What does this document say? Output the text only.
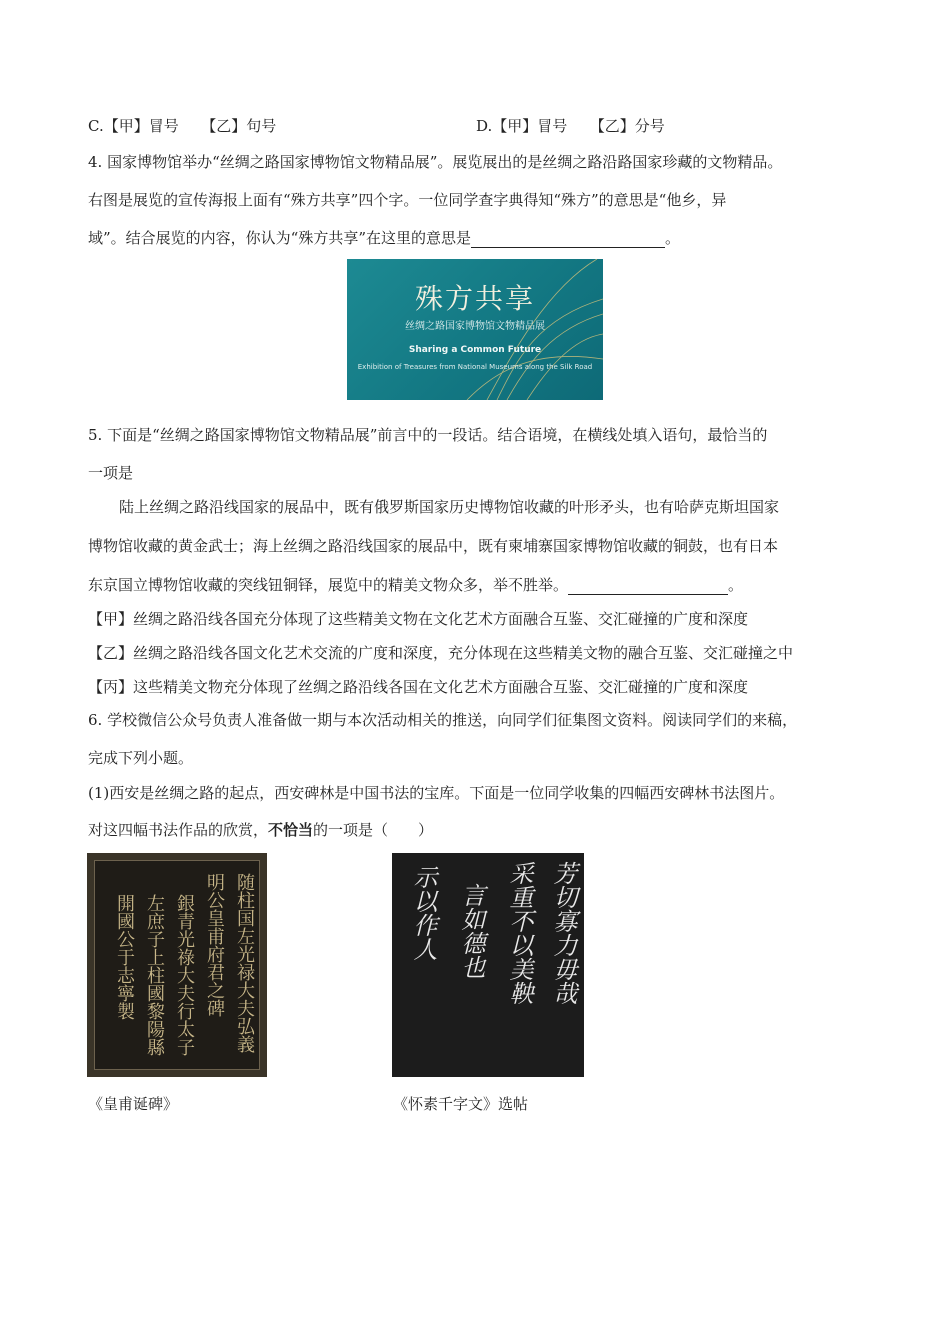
C.【甲】冒号　　【乙】句号	D.【甲】冒号　　【乙】分号
4. 国家博物馆举办“丝绸之路国家博物馆文物精品展”。展览展出的是丝绸之路沿路国家珍藏的文物精品。
右图是展览的宣传海报上面有“殊方共享”四个字。一位同学查字典得知“殊方”的意思是“他乡，异
域”。结合展览的内容，你认为“殊方共享”在这里的意思是	。
殊方共享
丝绸之路国家博物馆文物精品展
Sharing a Common Future
Exhibition of Treasures from National Museums along the Silk Road
5. 下面是“丝绸之路国家博物馆文物精品展”前言中的一段话。结合语境，在横线处填入语句，最恰当的
一项是
陆上丝绸之路沿线国家的展品中，既有俄罗斯国家历史博物馆收藏的叶形矛头，也有哈萨克斯坦国家
博物馆收藏的黄金武士；海上丝绸之路沿线国家的展品中，既有柬埔寨国家博物馆收藏的铜鼓，也有日本
东京国立博物馆收藏的突线钮铜铎，展览中的精美文物众多，举不胜举。	。
【甲】丝绸之路沿线各国充分体现了这些精美文物在文化艺术方面融合互鉴、交汇碰撞的广度和深度
【乙】丝绸之路沿线各国文化艺术交流的广度和深度，充分体现在这些精美文物的融合互鉴、交汇碰撞之中
【丙】这些精美文物充分体现了丝绸之路沿线各国在文化艺术方面融合互鉴、交汇碰撞的广度和深度
6. 学校微信公众号负责人准备做一期与本次活动相关的推送，向同学们征集图文资料。阅读同学们的来稿，
完成下列小题。
(1)西安是丝绸之路的起点，西安碑林是中国书法的宝库。下面是一位同学收集的四幅西安碑林书法图片。
对这四幅书法作品的欣赏，不恰当的一项是（　　）
随柱国左光禄大夫弘義
明公皇甫府君之碑
銀青光祿大夫行太子
左庶子上柱國黎陽縣
開國公于志寧製	芳切寡力毋哉
采重不以美鞅
言如德也
示以作人
《皇甫诞碑》	《怀素千字文》选帖
